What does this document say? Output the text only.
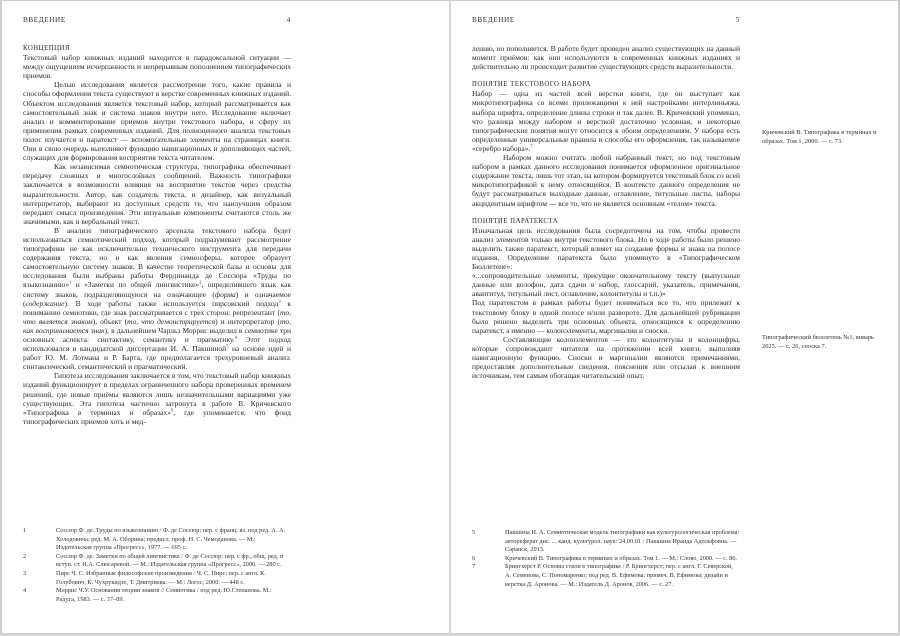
ВВЕДЕНИЕ	4

КОНЦЕПЦИЯ

Текстовый набор книжных изданий находится в парадоксальной ситуации — между ощущением исчерпанности и непрерывным пополнением типографических приемов.

Целью исследования является рассмотрение того, какие правила и способы оформления текста существуют в верстке современных книжных изданий. Объектом исследования является текстовый набор, который рассматривается как самостоятельный знак и система знаков внутри него. Исследование включает анализ и комментирование приемов внутри текстового набора, и сферу их применения рамках современных изданий. Для полноценного анализа текстовых полос изучается и паратекст — вспомогательные элементы на страницах книги. Они в свою очередь выполняют функцию навигационных и дополняющих частей, служащих для формирования восприятия текста читателем.

Как независимая семиотическая структура, типографика обеспечивает передачу сложных и многослойных сообщений. Важность типографики заключается в возможности влияния на восприятие текстов через средства выразительности. Автор, как создатель текста, и дизайнер, как визуальный интерпретатор, выбирают из доступных средств те, что наилучшим образом передают смысл произведения. Эти визуальные компоненты считаются столь же значимыми, как и вербальный текст.

В анализе типографического арсенала текстового набора будет использоваться семиотический подход, который подразумевает рассмотрение типографики не как исключительно технического инструмента для передачи содержания текста, но и как явления семиосферы, которое образует самостоятельную систему знаков. В качестве теоретической базы и основы для исследования были выбраны работы Фердинанда де Соссюра «Труды по языкознанию»$^1$ и «Заметки по общей лингвистике»$^2$, определившего язык как систему знаков, подразделяющуюся на означающее (форма) и означаемое (содержание). В ходе работы также используется пирсовский подход$^3$ к пониманию семиотики, где знак рассматривается с трех сторон: репрезентант (то, что является знаком), объект (то, что демонстрируется) и интерпретатор (то, как воспринимается знак), в дальнейшем Чарльз Моррис выделил в семиотике три основных аспекта: синтактику, семантику и прагматику.$^4$ Этот подход использовался в кандидатской диссертации И. А. Пакшиной$^5$ на основе идей и работ Ю. М. Лотмана и Р. Барта, где предполагается трехуровневый анализ: синтаксический, семантический и прагматический.

Гипотеза исследования заключается в том, что текстовый набор книжных изданий функционирует в пределах ограниченного набора проверенных временем решений, где новые приёмы являются лишь незначительными вариациями уже существующих. Эта гипотеза частично затронута в работе В. Кричевского «Типографика в терминах и образах»$^6$, где упоминается, что фонд типографических приемов хоть и мед-

1	Соссюр Ф. де. Труды по языкознанию / Ф. де Соссюр; пер. с франц. яз. под ред. А. А. Холодовича; ред. М. А. Оборина; предисл. проф. Н. С. Чемоданова. — М.: Издательская группа «Прогресс», 1977. — 695 с.
2	Соссюр Ф. де. Заметки по общей лингвистике / Ф. де Соссюр; пер. с фр., общ. ред. и вступ. ст. Н.А. Слюсаревой. — М.: Издательская группа «Прогресс», 2000. — 280 с.
3	Пирс Ч. С. Избранные философские произведения / Ч. С. Пирс; пер. с англ. К. Голубович, К. Чухрукидзе, Т. Дмитриева. — М.: Логос, 2000. — 448 с.
4	Моррис Ч.У. Основания теории знаков // Семиотика / под ред. Ю.Степанова. М.: Радуга, 1983. — с. 37–89.
ВВЕДЕНИЕ	5

лению, но пополняется. В работе будет проведен анализ существующих на данный момент приёмов: как они используются в современных книжных изданиях и действительно ли происходит развитие существующих средств выразительности.

ПОНЯТИЕ ТЕКСТОВОГО НАБОРА

Набор — одна из частей всей верстки книги, где он выступает как микротипографика со всеми прилежащими к ней настройками интерлиньяжа, выбора шрифта, определение длины строки и так далее. В. Кричевский упоминал, что разница между набором и версткой достаточно условная, и некоторые типографические понятия могут относится к обоим определениям. У набора есть определенные универсальные правила и способы его оформления, так называемое «серебро набора».$^7$

Набором можно считать любой набранный текст, но под текстовым набором в рамках данного исследования понимается оформленное оригинальное содержание текста, лишь тот этап, на котором формируется текстовый блок со всей микротипографикой к нему относящейся. В контексте данного определения не будут рассматриваться выходные данные, оглавление, титульные листы, наборы акцидентным шрифтом — все то, что не является основным «телом» текста.

ПОНЯТИЕ ПАРАТЕКСТА

Изначальная цель исследования была сосредоточена на том, чтобы провести анализ элементов только внутри текстового блока. Но в ходе работы было решено выделить также паратекст, который влияет на создание формы и знака на полосе издания. Определение паратекста было упомянуто в «Типографическом Бюллетене»:

«...сопроводительные элементы, присущие окончательному тексту (выпускные данные или колофон, дата сдачи в набор, глоссарий, указатель, примечания, авантитул, титульный лист, оглавление, колонтитулы и т.п.)»

Под паратекстом в рамках работы будет пониматься все то, что прилежит к текстовому блоку в одной полосе и/или развороте. Для дальнейшей рубрикации было решено выделить три основных объекта, относящихся к определению паратекст, а именно — колонэлементы, маргиналии и сноски.

Составляющие колонэлементов — это колонтитулы и колонцифры, которые сопровождают читателя на протяжении всей книги, выполняя навигационную функцию. Сноски и маргиналии являются примечаниями, предоставляя дополнительные сведения, пояснения или отсылая к внешним источникам, тем самым обогащая читательский опыт.

Кричевский В. Типографика в терминах и образах. Том 1, 2000. — с. 73.
Типографический бюллетень №1, январь 2025. — с. 26, сноска 7.
5	Пакшина И. А. Семиотическая модель типографики как культурологическая проблема: автореферат дис. ... канд. культурол. наук: 24.00.01 / Пакшина Ираида Адольфовна. — Саранск, 2013.
6	Кричевский В. Типографика в терминах и образах. Том 1. — М.: Слово, 2000. — с. 86.
7	Брингхерст Р. Основы стиля в типографике / Р. Брингхерст; пер. с англ. Г. Северской, А. Семенова, С. Пономаренко; под ред. В. Ефимова; примеч. В. Ефимова; дизайн и верстка Д. Аронова. — М.: Издатель Д. Аронов, 2006. — с. 27.
